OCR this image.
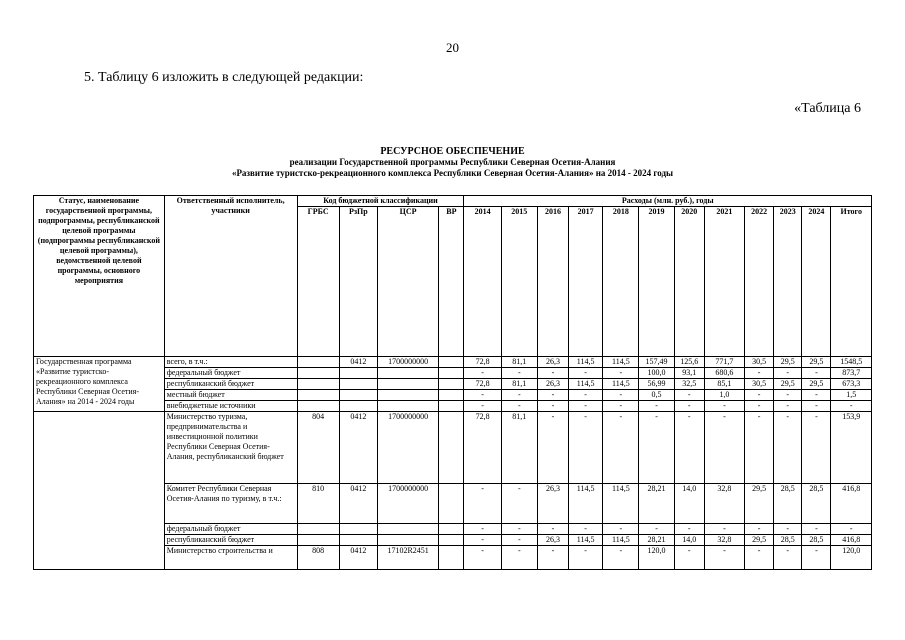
20
5. Таблицу 6 изложить в следующей редакции:
«Таблица 6
РЕСУРСНОЕ ОБЕСПЕЧЕНИЕ
реализации Государственной программы Республики Северная Осетия-Алания
«Развитие туристско-рекреационного комплекса Республики Северная Осетия-Алания» на 2014 - 2024 годы
Статус, наименование государственной программы, подпрограммы, республиканской целевой программы (подпрограммы республиканской целевой программы), ведомственной целевой программы, основного мероприятия	Ответственный исполнитель, участники	Код бюджетной классификации				Расходы (млн. руб.), годы											
		ГРБС	РзПр	ЦСР	ВР	2014	2015	2016	2017	2018	2019	2020	2021	2022	2023	2024	Итого
Государственная программа «Развитие туристско-рекреационного комплекса Республики Северная Осетия-Алания» на 2014 - 2024 годы	всего, в т.ч.:		0412	1700000000		72,8	81,1	26,3	114,5	114,5	157,49	125,6	771,7	30,5	29,5	29,5	1548,5
	федеральный бюджет					-	-	-	-	-	100,0	93,1	680,6	-	-	-	873,7
	республиканский бюджет					72,8	81,1	26,3	114,5	114,5	56,99	32,5	85,1	30,5	29,5	29,5	673,3
	местный бюджет					-	-	-	-	-	0,5	-	1,0	-	-	-	1,5
	внебюджетные источники					-	-	-	-	-	-	-	-	-	-	-	-
	Министерство туризма, предпринимательства и инвестиционной политики Республики Северная Осетия-Алания, республиканский бюджет	804	0412	1700000000		72,8	81,1	-	-	-	-	-	-	-	-	-	153,9
	Комитет Республики Северная Осетия-Алания по туризму, в т.ч.:	810	0412	1700000000		-	-	26,3	114,5	114,5	28,21	14,0	32,8	29,5	28,5	28,5	416,8
	федеральный бюджет					-	-	-	-	-	-	-	-	-	-	-	-
	республиканский бюджет					-	-	26,3	114,5	114,5	28,21	14,0	32,8	29,5	28,5	28,5	416,8
	Министерство строительства и	808	0412	17102R2451		-	-	-	-	-	120,0	-	-	-	-	-	120,0
